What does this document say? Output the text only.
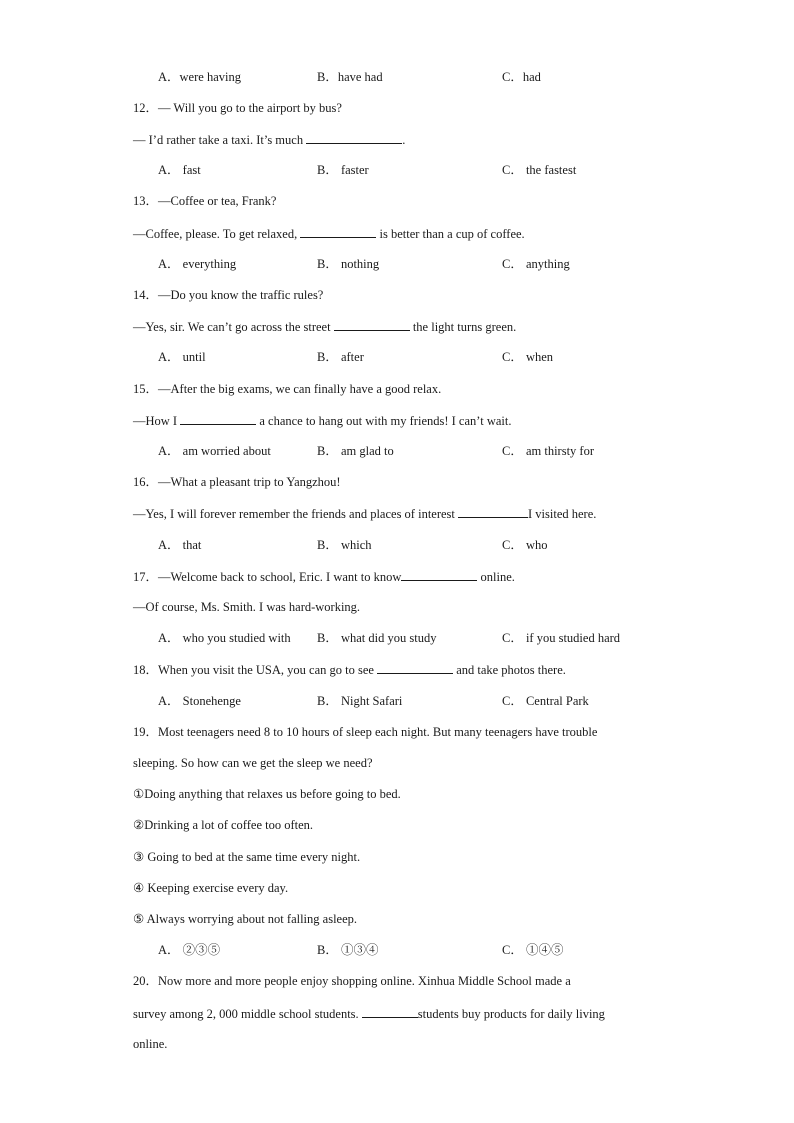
A．were having	B．have had	C．had
12．— Will you go to the airport by bus?
— I’d rather take a taxi. It’s much	.
A． fast	B． faster	C． the fastest
13．—Coffee or tea, Frank?
—Coffee, please. To get relaxed,	is better than a cup of coffee.
A． everything	B． nothing	C． anything
14．—Do you know the traffic rules?
—Yes, sir. We can’t go across the street	the light turns green.
A． until	B． after	C． when
15．—After the big exams, we can finally have a good relax.
—How I	a chance to hang out with my friends! I can’t wait.
A． am worried about	B． am glad to	C． am thirsty for
16．—What a pleasant trip to Yangzhou!
—Yes, I will forever remember the friends and places of interest	I visited here.
A． that	B． which	C． who
17．—Welcome back to school, Eric. I want to know	online.
—Of course, Ms. Smith. I was hard-working.
A． who you studied with B． what did you study	C． if you studied hard
18．When you visit the USA, you can go to see	and take photos there.
A． Stonehenge	B． Night Safari	C． Central Park
19．Most teenagers need 8 to 10 hours of sleep each night. But many teenagers have trouble
sleeping. So how can we get the sleep we need?
①Doing anything that relaxes us before going to bed.
②Drinking a lot of coffee too often.
③ Going to bed at the same time every night.
④ Keeping exercise every day.
⑤ Always worrying about not falling asleep.
A． ②③⑤	B． ①③④	C． ①④⑤
20．Now more and more people enjoy shopping online. Xinhua Middle School made a
survey among 2, 000 middle school students.	students buy products for daily living
online.
